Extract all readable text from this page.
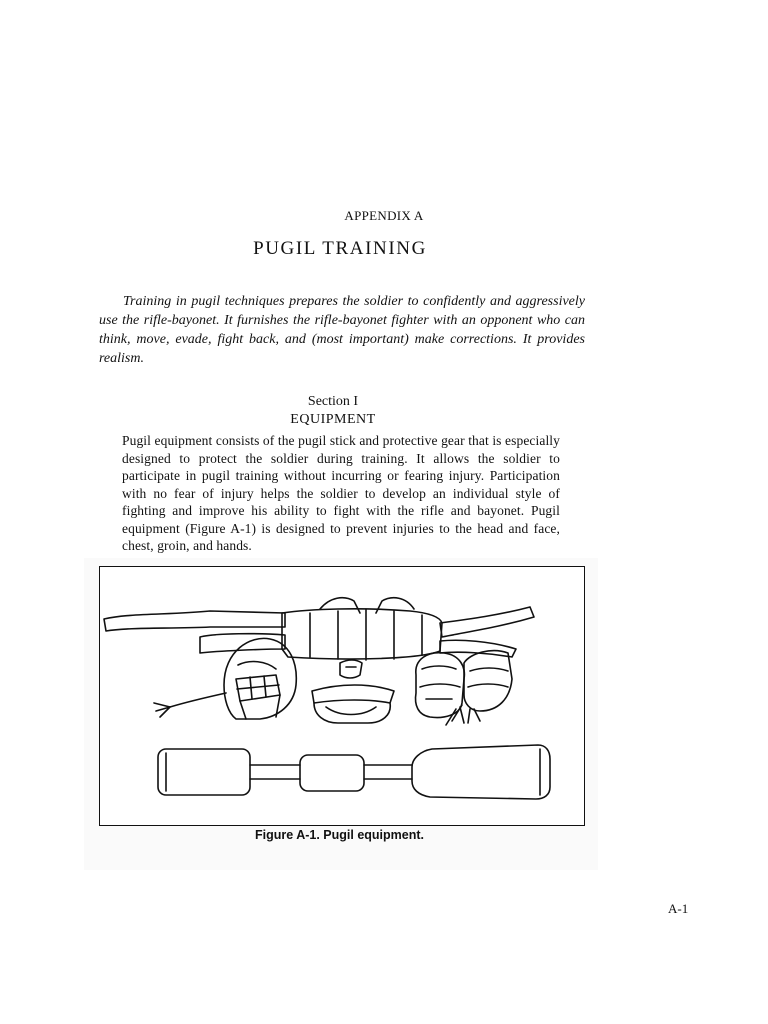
APPENDIX A
PUGIL TRAINING

Training in pugil techniques prepares the soldier to confidently and aggressively use the rifle-bayonet. It furnishes the rifle-bayonet fighter with an opponent who can think, move, evade, fight back, and (most important) make corrections. It provides realism.

Section I
EQUIPMENT

Pugil equipment consists of the pugil stick and protective gear that is especially designed to protect the soldier during training. It allows the soldier to participate in pugil training without incurring or fearing injury. Participation with no fear of injury helps the soldier to develop an individual style of fighting and improve his ability to fight with the rifle and bayonet. Pugil equipment (Figure A-1) is designed to prevent injuries to the head and face, chest, groin, and hands.

Figure A-1. Pugil equipment.
A-1
